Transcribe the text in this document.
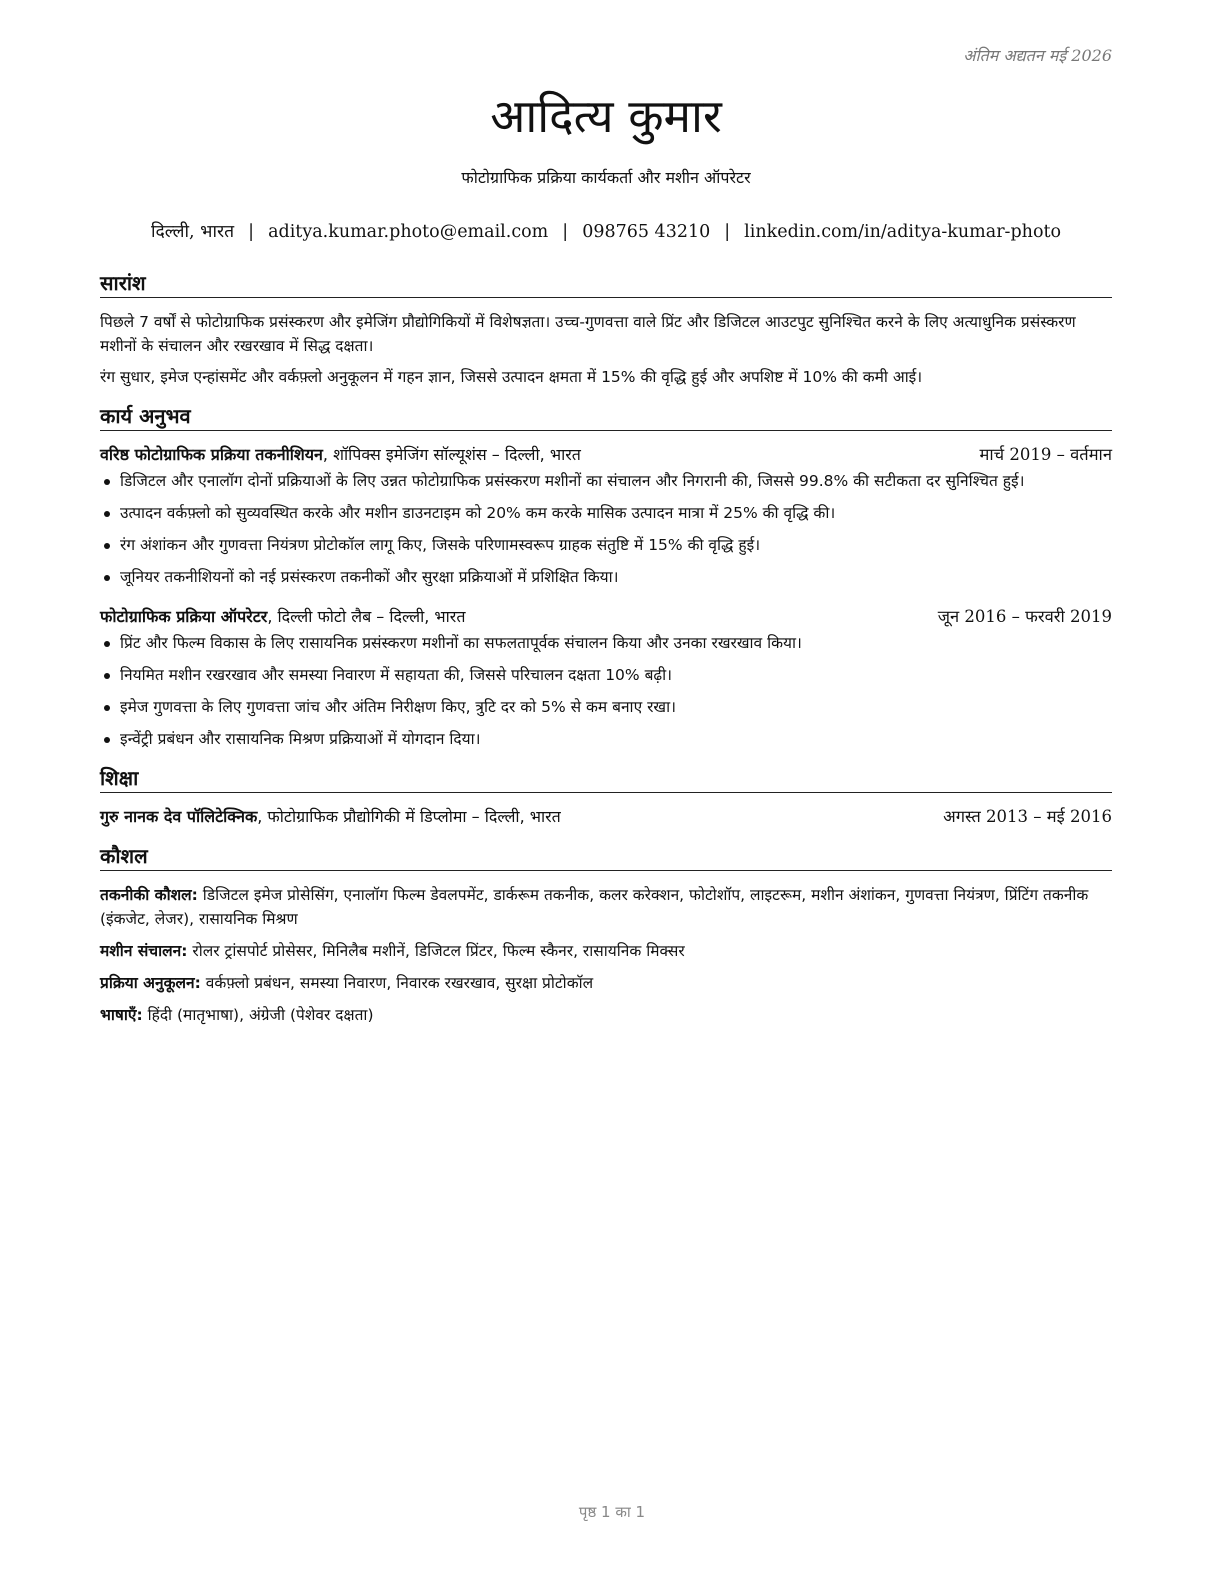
अंतिम अद्यतन मई 2026
आदित्य कुमार
फोटोग्राफिक प्रक्रिया कार्यकर्ता और मशीन ऑपरेटर
दिल्ली, भारत | aditya.kumar.photo@email.com | 098765 43210 | linkedin.com/in/aditya-kumar-photo
सारांश

पिछले 7 वर्षों से फोटोग्राफिक प्रसंस्करण और इमेजिंग प्रौद्योगिकियों में विशेषज्ञता। उच्च-गुणवत्ता वाले प्रिंट और डिजिटल आउटपुट सुनिश्चित करने के लिए अत्याधुनिक प्रसंस्करण मशीनों के संचालन और रखरखाव में सिद्ध दक्षता।

रंग सुधार, इमेज एन्हांसमेंट और वर्कफ़्लो अनुकूलन में गहन ज्ञान, जिससे उत्पादन क्षमता में 15% की वृद्धि हुई और अपशिष्ट में 10% की कमी आई।

कार्य अनुभव
वरिष्ठ फोटोग्राफिक प्रक्रिया तकनीशियन, शॉपिक्स इमेजिंग सॉल्यूशंस – दिल्ली, भारत	मार्च 2019 – वर्तमान
डिजिटल और एनालॉग दोनों प्रक्रियाओं के लिए उन्नत फोटोग्राफिक प्रसंस्करण मशीनों का संचालन और निगरानी की, जिससे 99.8% की सटीकता दर सुनिश्चित हुई।
उत्पादन वर्कफ़्लो को सुव्यवस्थित करके और मशीन डाउनटाइम को 20% कम करके मासिक उत्पादन मात्रा में 25% की वृद्धि की।
रंग अंशांकन और गुणवत्ता नियंत्रण प्रोटोकॉल लागू किए, जिसके परिणामस्वरूप ग्राहक संतुष्टि में 15% की वृद्धि हुई।
जूनियर तकनीशियनों को नई प्रसंस्करण तकनीकों और सुरक्षा प्रक्रियाओं में प्रशिक्षित किया।
फोटोग्राफिक प्रक्रिया ऑपरेटर, दिल्ली फोटो लैब – दिल्ली, भारत	जून 2016 – फरवरी 2019
प्रिंट और फिल्म विकास के लिए रासायनिक प्रसंस्करण मशीनों का सफलतापूर्वक संचालन किया और उनका रखरखाव किया।
नियमित मशीन रखरखाव और समस्या निवारण में सहायता की, जिससे परिचालन दक्षता 10% बढ़ी।
इमेज गुणवत्ता के लिए गुणवत्ता जांच और अंतिम निरीक्षण किए, त्रुटि दर को 5% से कम बनाए रखा।
इन्वेंट्री प्रबंधन और रासायनिक मिश्रण प्रक्रियाओं में योगदान दिया।
शिक्षा
गुरु नानक देव पॉलिटेक्निक, फोटोग्राफिक प्रौद्योगिकी में डिप्लोमा – दिल्ली, भारत	अगस्त 2013 – मई 2016
कौशल
तकनीकी कौशल: डिजिटल इमेज प्रोसेसिंग, एनालॉग फिल्म डेवलपमेंट, डार्करूम तकनीक, कलर करेक्शन, फोटोशॉप, लाइटरूम, मशीन अंशांकन, गुणवत्ता नियंत्रण, प्रिंटिंग तकनीक (इंकजेट, लेजर), रासायनिक मिश्रण
मशीन संचालन: रोलर ट्रांसपोर्ट प्रोसेसर, मिनिलैब मशीनें, डिजिटल प्रिंटर, फिल्म स्कैनर, रासायनिक मिक्सर
प्रक्रिया अनुकूलन: वर्कफ़्लो प्रबंधन, समस्या निवारण, निवारक रखरखाव, सुरक्षा प्रोटोकॉल
भाषाएँ: हिंदी (मातृभाषा), अंग्रेजी (पेशेवर दक्षता)
पृष्ठ 1 का 1
